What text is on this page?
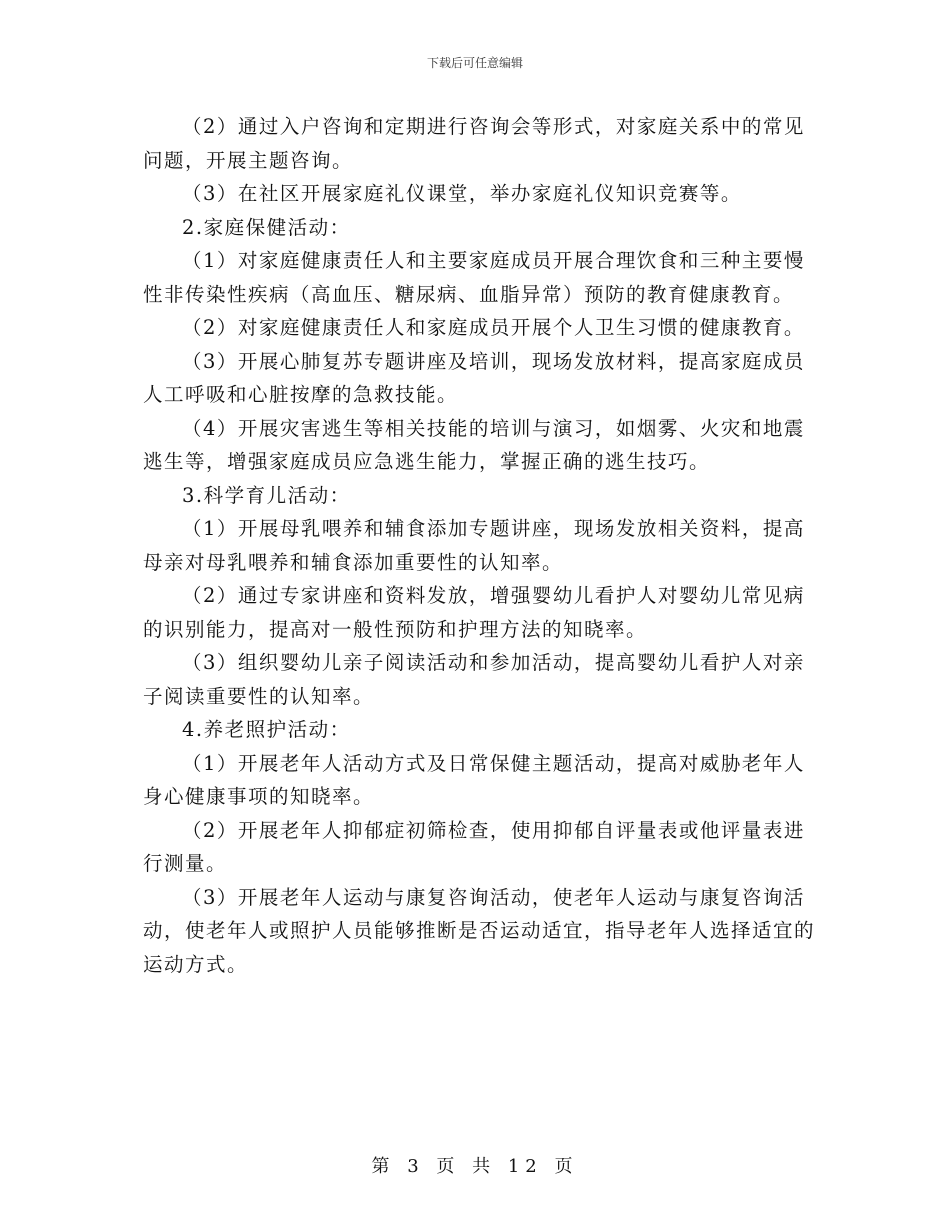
下载后可任意编辑

（2）通过入户咨询和定期进行咨询会等形式，对家庭关系中的常见问题，开展主题咨询。

（3）在社区开展家庭礼仪课堂，举办家庭礼仪知识竞赛等。

2.家庭保健活动：

（1）对家庭健康责任人和主要家庭成员开展合理饮食和三种主要慢性非传染性疾病（高血压、糖尿病、血脂异常）预防的教育健康教育。

（2）对家庭健康责任人和家庭成员开展个人卫生习惯的健康教育。

（3）开展心肺复苏专题讲座及培训，现场发放材料，提高家庭成员人工呼吸和心脏按摩的急救技能。

（4）开展灾害逃生等相关技能的培训与演习，如烟雾、火灾和地震逃生等，增强家庭成员应急逃生能力，掌握正确的逃生技巧。

3.科学育儿活动：

（1）开展母乳喂养和辅食添加专题讲座，现场发放相关资料，提高母亲对母乳喂养和辅食添加重要性的认知率。

（2）通过专家讲座和资料发放，增强婴幼儿看护人对婴幼儿常见病的识别能力，提高对一般性预防和护理方法的知晓率。

（3）组织婴幼儿亲子阅读活动和参加活动，提高婴幼儿看护人对亲子阅读重要性的认知率。

4.养老照护活动：

（1）开展老年人活动方式及日常保健主题活动，提高对威胁老年人身心健康事项的知晓率。

（2）开展老年人抑郁症初筛检查，使用抑郁自评量表或他评量表进行测量。

（3）开展老年人运动与康复咨询活动，使老年人运动与康复咨询活动，使老年人或照护人员能够推断是否运动适宜，指导老年人选择适宜的运动方式。

第 3 页 共 12 页
